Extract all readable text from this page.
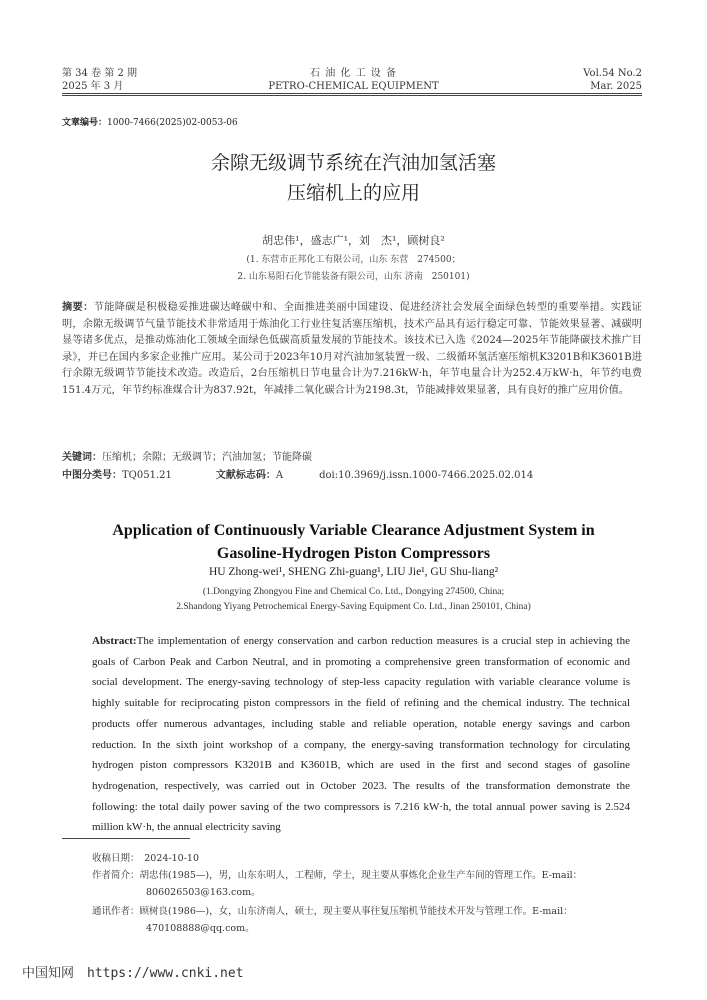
第 34 卷 第 2 期
2025 年 3 月
石 油 化 工 设 备
PETRO-CHEMICAL EQUIPMENT
Vol.54 No.2
Mar. 2025
文章编号：1000-7466(2025)02-0053-06
余隙无级调节系统在汽油加氢活塞
压缩机上的应用
胡忠伟¹，盛志广¹，刘　杰¹，顾树良²
(1. 东营市正邦化工有限公司，山东 东营　274500；
2. 山东易阳石化节能装备有限公司，山东 济南　250101)
摘要：节能降碳是积极稳妥推进碳达峰碳中和、全面推进美丽中国建设、促进经济社会发展全面绿色转型的重要举措。实践证明，余隙无级调节气量节能技术非常适用于炼油化工行业往复活塞压缩机，技术产品具有运行稳定可靠、节能效果显著、减碳明显等诸多优点，是推动炼油化工领域全面绿色低碳高质量发展的节能技术。该技术已入选《2024—2025年节能降碳技术推广目录》，并已在国内多家企业推广应用。某公司于2023年10月对汽油加氢装置一级、二级循环氢活塞压缩机K3201B和K3601B进行余隙无级调节节能技术改造。改造后，2台压缩机日节电量合计为7.216kW·h，年节电量合计为252.4万kW·h，年节约电费151.4万元，年节约标准煤合计为837.92t，年减排二氧化碳合计为2198.3t，节能减排效果显著，具有良好的推广应用价值。
关键词：压缩机；余隙；无级调节；汽油加氢；节能降碳
中图分类号：TQ051.21	文献标志码：A	doi:10.3969/j.issn.1000-7466.2025.02.014
Application of Continuously Variable Clearance Adjustment System in
Gasoline-Hydrogen Piston Compressors
HU Zhong-wei¹, SHENG Zhi-guang¹, LIU Jie¹, GU Shu-liang²
(1.Dongying Zhongyou Fine and Chemical Co. Ltd., Dongying 274500, China;
2.Shandong Yiyang Petrochemical Energy-Saving Equipment Co. Ltd., Jinan 250101, China)
Abstract:The implementation of energy conservation and carbon reduction measures is a crucial step in achieving the goals of Carbon Peak and Carbon Neutral, and in promoting a comprehensive green transformation of economic and social development. The energy-saving technology of step-less capacity regulation with variable clearance volume is highly suitable for reciprocating piston compressors in the field of refining and the chemical industry. The technical products offer numerous advantages, including stable and reliable operation, notable energy savings and carbon reduction. In the sixth joint workshop of a company, the energy-saving transformation technology for circulating hydrogen piston compressors K3201B and K3601B, which are used in the first and second stages of gasoline hydrogenation, respectively, was carried out in October 2023. The results of the transformation demonstrate the following: the total daily power saving of the two compressors is 7.216 kW·h, the total annual power saving is 2.524 million kW·h, the annual electricity saving
收稿日期：　2024-10-10
作者简介：胡忠伟(1985—)，男，山东东明人，工程师，学士，现主要从事炼化企业生产车间的管理工作。E-mail：
806026503@163.com。
通讯作者：顾树良(1986—)，女，山东济南人，硕士，现主要从事往复压缩机节能技术开发与管理工作。E-mail：
470108888@qq.com。
中国知网　https://www.cnki.net
